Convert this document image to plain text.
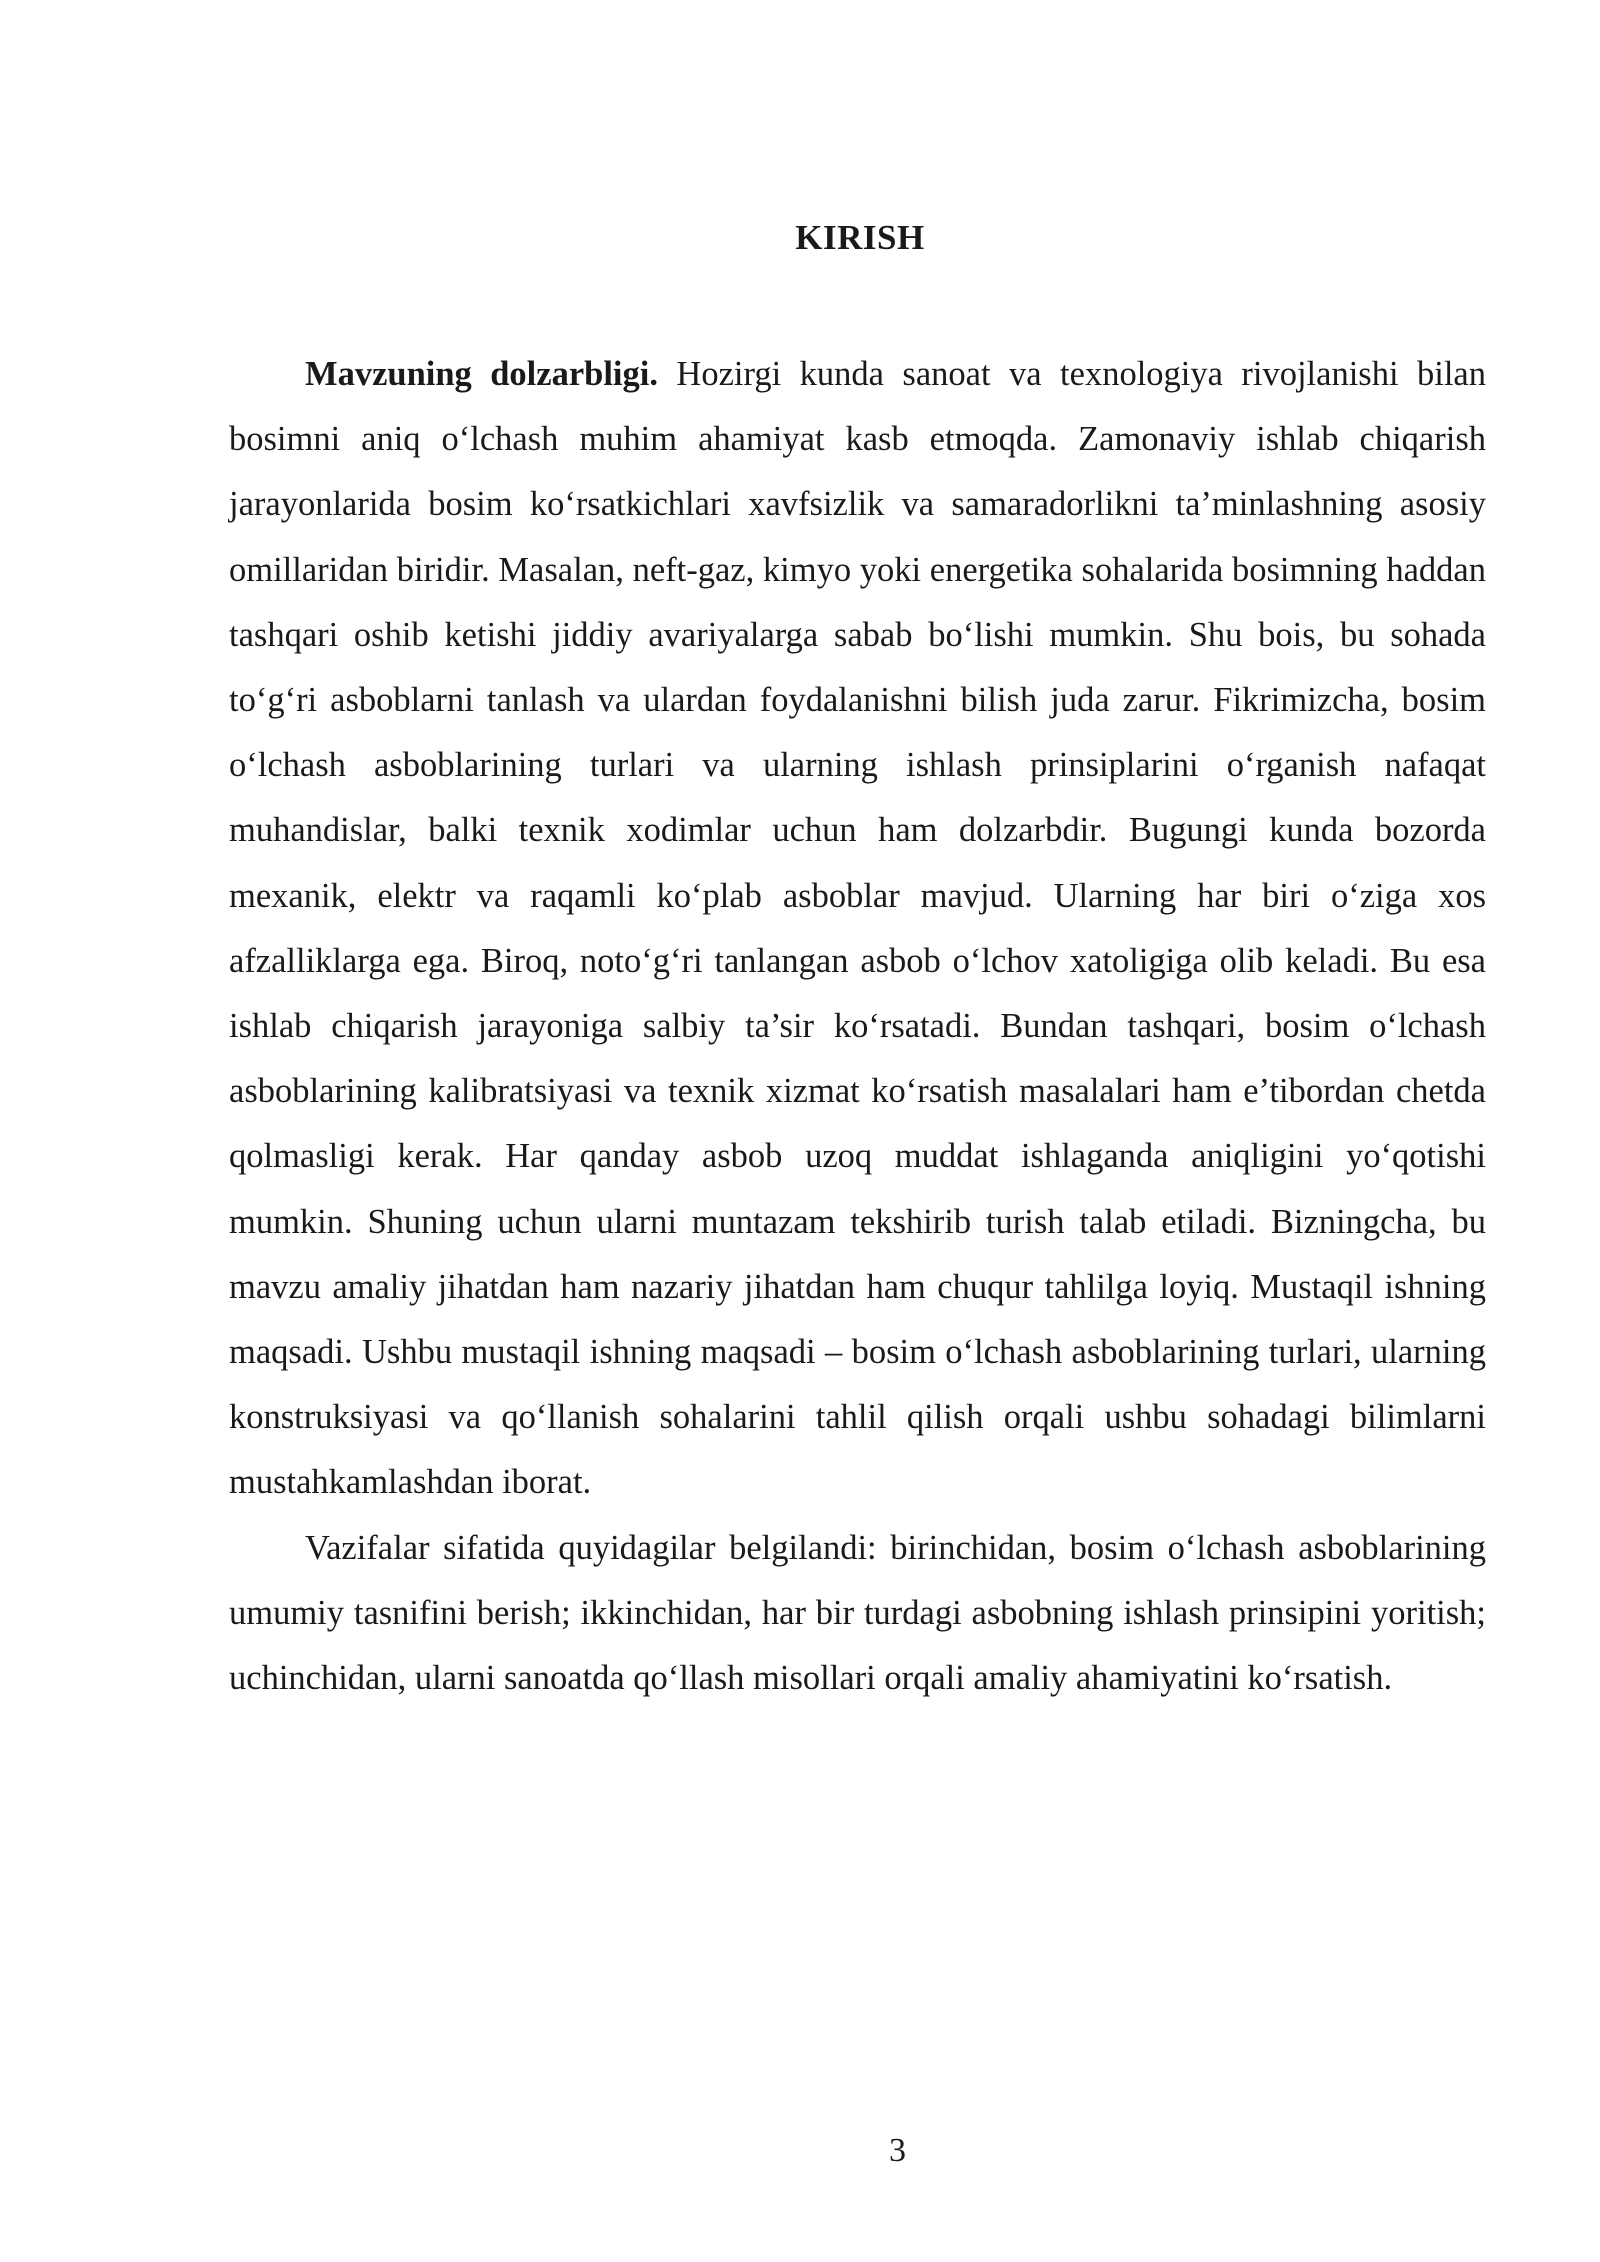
KIRISH

Mavzuning dolzarbligi. Hozirgi kunda sanoat va texnologiya rivojlanishi bilan bosimni aniq o‘lchash muhim ahamiyat kasb etmoqda. Zamonaviy ishlab chiqarish jarayonlarida bosim ko‘rsatkichlari xavfsizlik va samaradorlikni ta’minlashning asosiy omillaridan biridir. Masalan, neft-gaz, kimyo yoki energetika sohalarida bosimning haddan tashqari oshib ketishi jiddiy avariyalarga sabab bo‘lishi mumkin. Shu bois, bu sohada to‘g‘ri asboblarni tanlash va ulardan foydalanishni bilish juda zarur. Fikrimizcha, bosim o‘lchash asboblarining turlari va ularning ishlash prinsiplarini o‘rganish nafaqat muhandislar, balki texnik xodimlar uchun ham dolzarbdir. Bugungi kunda bozorda mexanik, elektr va raqamli ko‘plab asboblar mavjud. Ularning har biri o‘ziga xos afzalliklarga ega. Biroq, noto‘g‘ri tanlangan asbob o‘lchov xatoligiga olib keladi. Bu esa ishlab chiqarish jarayoniga salbiy ta’sir ko‘rsatadi. Bundan tashqari, bosim o‘lchash asboblarining kalibratsiyasi va texnik xizmat ko‘rsatish masalalari ham e’tibordan chetda qolmasligi kerak. Har qanday asbob uzoq muddat ishlaganda aniqligini yo‘qotishi mumkin. Shuning uchun ularni muntazam tekshirib turish talab etiladi. Bizningcha, bu mavzu amaliy jihatdan ham nazariy jihatdan ham chuqur tahlilga loyiq. Mustaqil ishning maqsadi. Ushbu mustaqil ishning maqsadi – bosim o‘lchash asboblarining turlari, ularning konstruksiyasi va qo‘llanish sohalarini tahlil qilish orqali ushbu sohadagi bilimlarni mustahkamlashdan iborat.

Vazifalar sifatida quyidagilar belgilandi: birinchidan, bosim o‘lchash asboblarining umumiy tasnifini berish; ikkinchidan, har bir turdagi asbobning ishlash prinsipini yoritish; uchinchidan, ularni sanoatda qo‘llash misollari orqali amaliy ahamiyatini ko‘rsatish.

3
